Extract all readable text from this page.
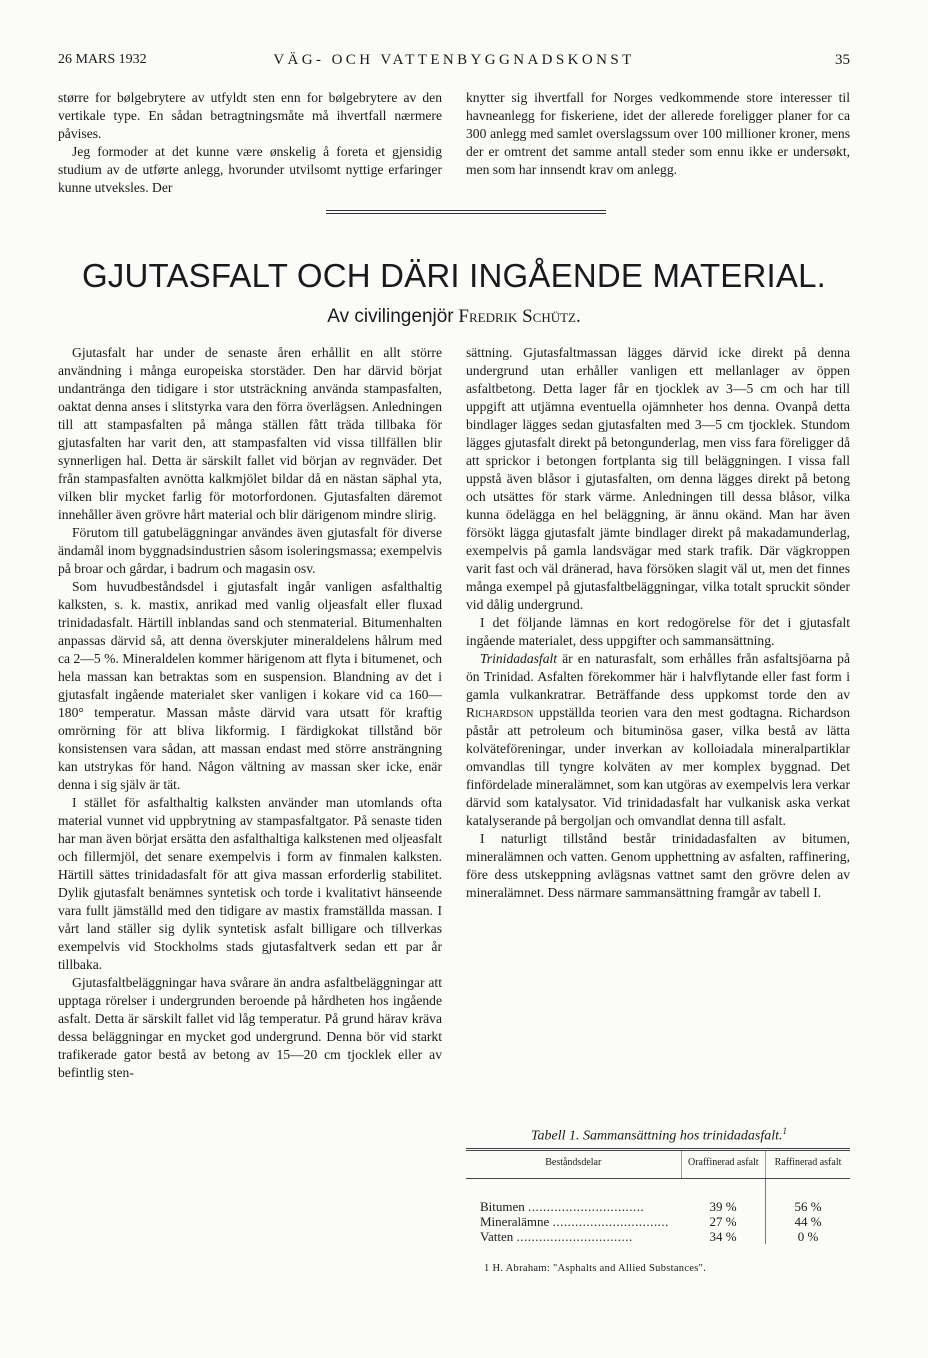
26 MARS 1932	VÄG- OCH VATTENBYGGNADSKONST	35

større for bølgebrytere av utfyldt sten enn for bølgebrytere av den vertikale type. En sådan betragtningsmåte må ihvertfall nærmere påvises.

Jeg formoder at det kunne være ønskelig å foreta et gjensidig studium av de utførte anlegg, hvorunder utvilsomt nyttige erfaringer kunne utveksles. Der

knytter sig ihvertfall for Norges vedkommende store interesser til havneanlegg for fiskeriene, idet der allerede foreligger planer for ca 300 anlegg med samlet overslagssum over 100 millioner kroner, mens der er omtrent det samme antall steder som ennu ikke er undersøkt, men som har innsendt krav om anlegg.

GJUTASFALT OCH DÄRI INGÅENDE MATERIAL.
Av civilingenjör Fredrik Schütz.

Gjutasfalt har under de senaste åren erhållit en allt större användning i många europeiska storstäder. Den har därvid börjat undantränga den tidigare i stor utsträckning använda stampasfalten, oaktat denna anses i slitstyrka vara den förra överlägsen. Anledningen till att stampasfalten på många ställen fått träda tillbaka för gjutasfalten har varit den, att stampasfalten vid vissa tillfällen blir synnerligen hal. Detta är särskilt fallet vid början av regnväder. Det från stampasfalten avnötta kalkmjölet bildar då en nästan säphal yta, vilken blir mycket farlig för motorfordonen. Gjutasfalten däremot innehåller även grövre hårt material och blir därigenom mindre slirig.

Förutom till gatubeläggningar användes även gjutasfalt för diverse ändamål inom byggnadsindustrien såsom isoleringsmassa; exempelvis på broar och gårdar, i badrum och magasin osv.

Som huvudbeståndsdel i gjutasfalt ingår vanligen asfalthaltig kalksten, s. k. mastix, anrikad med vanlig oljeasfalt eller fluxad trinidadasfalt. Härtill inblandas sand och stenmaterial. Bitumenhalten anpassas därvid så, att denna överskjuter mineraldelens hålrum med ca 2—5 %. Mineraldelen kommer härigenom att flyta i bitumenet, och hela massan kan betraktas som en suspension. Blandning av det i gjutasfalt ingående materialet sker vanligen i kokare vid ca 160—180° temperatur. Massan måste därvid vara utsatt för kraftig omrörning för att bliva likformig. I färdigkokat tillstånd bör konsistensen vara sådan, att massan endast med större ansträngning kan utstrykas för hand. Någon vältning av massan sker icke, enär denna i sig själv är tät.

I stället för asfalthaltig kalksten använder man utomlands ofta material vunnet vid uppbrytning av stampasfaltgator. På senaste tiden har man även börjat ersätta den asfalthaltiga kalkstenen med oljeasfalt och fillermjöl, det senare exempelvis i form av finmalen kalksten. Härtill sättes trinidadasfalt för att giva massan erforderlig stabilitet. Dylik gjutasfalt benämnes syntetisk och torde i kvalitativt hänseende vara fullt jämställd med den tidigare av mastix framställda massan. I vårt land ställer sig dylik syntetisk asfalt billigare och tillverkas exempelvis vid Stockholms stads gjutasfaltverk sedan ett par år tillbaka.

Gjutasfaltbeläggningar hava svårare än andra asfaltbeläggningar att upptaga rörelser i undergrunden beroende på hårdheten hos ingående asfalt. Detta är särskilt fallet vid låg temperatur. På grund härav kräva dessa beläggningar en mycket god undergrund. Denna bör vid starkt trafikerade gator bestå av betong av 15—20 cm tjocklek eller av befintlig sten-

sättning. Gjutasfaltmassan lägges därvid icke direkt på denna undergrund utan erhåller vanligen ett mellanlager av öppen asfaltbetong. Detta lager får en tjocklek av 3—5 cm och har till uppgift att utjämna eventuella ojämnheter hos denna. Ovanpå detta bindlager lägges sedan gjutasfalten med 3—5 cm tjocklek. Stundom lägges gjutasfalt direkt på betongunderlag, men viss fara föreligger då att sprickor i betongen fortplanta sig till beläggningen. I vissa fall uppstå även blåsor i gjutasfalten, om denna lägges direkt på betong och utsättes för stark värme. Anledningen till dessa blåsor, vilka kunna ödelägga en hel beläggning, är ännu okänd. Man har även försökt lägga gjutasfalt jämte bindlager direkt på makadamunderlag, exempelvis på gamla landsvägar med stark trafik. Där vägkroppen varit fast och väl dränerad, hava försöken slagit väl ut, men det finnes många exempel på gjutasfaltbeläggningar, vilka totalt spruckit sönder vid dålig undergrund.

I det följande lämnas en kort redogörelse för det i gjutasfalt ingående materialet, dess uppgifter och sammansättning.

Trinidadasfalt är en naturasfalt, som erhålles från asfaltsjöarna på ön Trinidad. Asfalten förekommer här i halvflytande eller fast form i gamla vulkankratrar. Beträffande dess uppkomst torde den av Richardson uppställda teorien vara den mest godtagna. Richardson påstår att petroleum och bituminösa gaser, vilka bestå av lätta kolväteföreningar, under inverkan av kolloiadala mineralpartiklar omvandlas till tyngre kolväten av mer komplex byggnad. Det finfördelade mineralämnet, som kan utgöras av exempelvis lera verkar därvid som katalysator. Vid trinidadasfalt har vulkanisk aska verkat katalyserande på bergoljan och omvandlat denna till asfalt.

I naturligt tillstånd består trinidadasfalten av bitumen, mineralämnen och vatten. Genom upphettning av asfalten, raffinering, före dess utskeppning avlägsnas vattnet samt den grövre delen av mineralämnet. Dess närmare sammansättning framgår av tabell I.

Tabell 1. Sammansättning hos trinidadasfalt.$^1$
Beståndsdelar	Oraffinerad asfalt	Raffinerad asfalt
Bitumen ...............................	39 %	56 %
Mineralämne ...............................	27 %	44 %
Vatten ...............................	34 %	0 %
1 H. Abraham: "Asphalts and Allied Substances".
